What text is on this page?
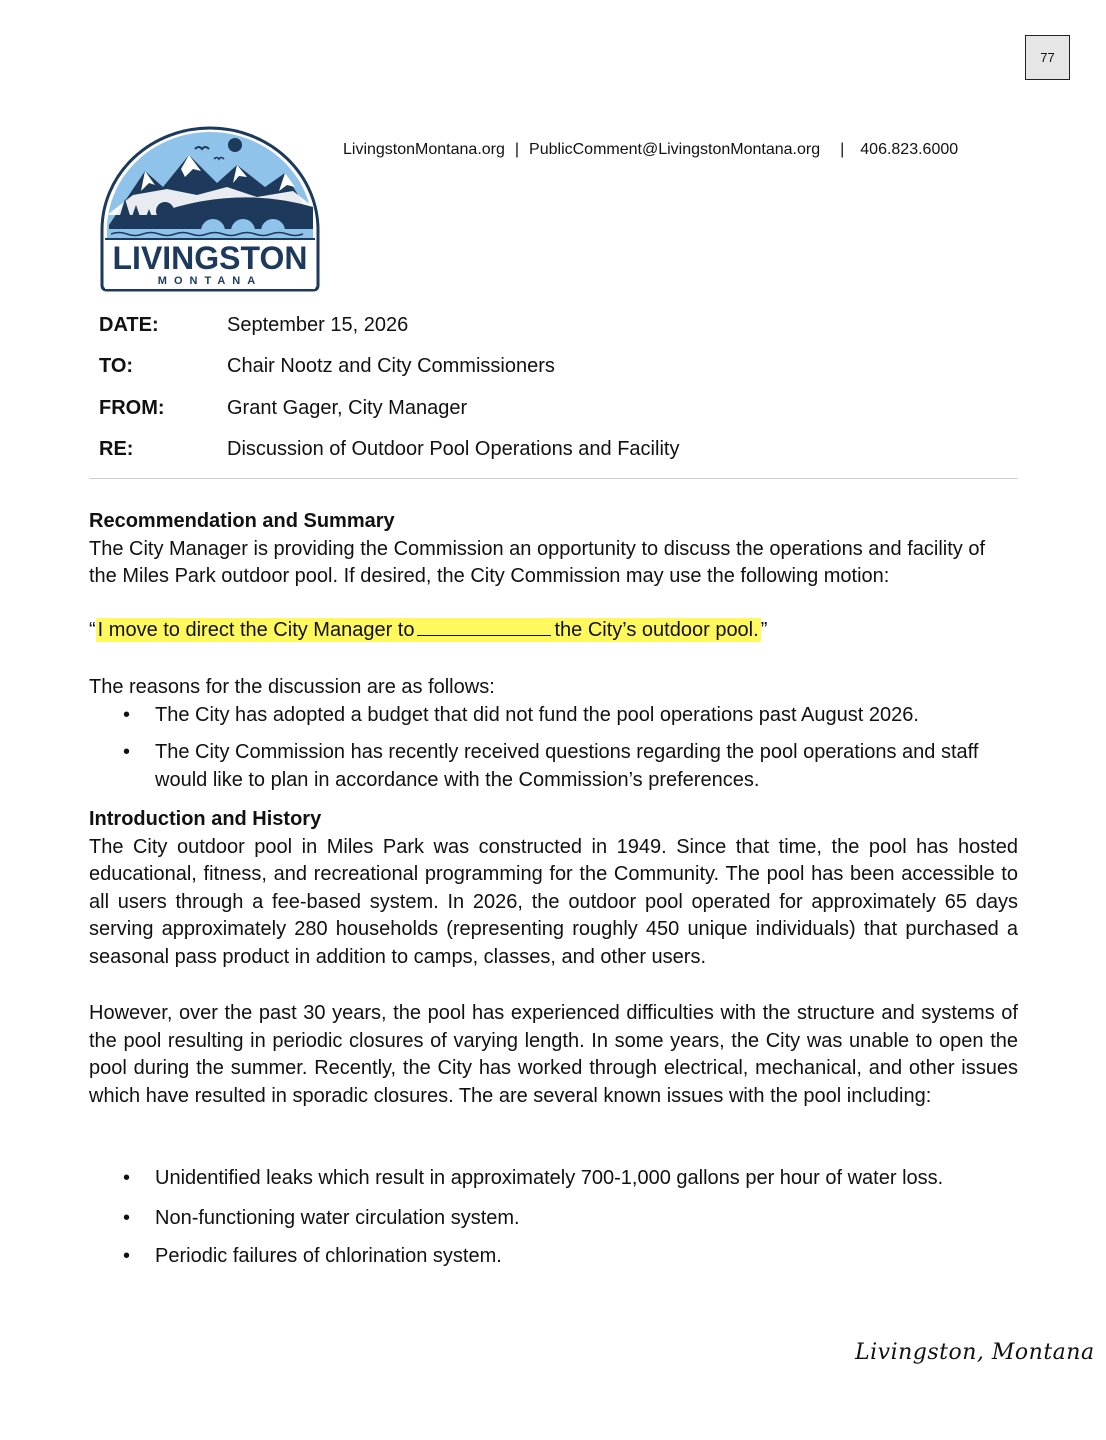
77
LIVINGSTON
MONTANA
LivingstonMontana.org | PublicComment@LivingstonMontana.org | 406.823.6000
DATE:	September 15, 2026
TO:	Chair Nootz and City Commissioners
FROM:	Grant Gager, City Manager
RE:	Discussion of Outdoor Pool Operations and Facility
Recommendation and Summary
The City Manager is providing the Commission an opportunity to discuss the operations and facility of the Miles Park outdoor pool. If desired, the City Commission may use the following motion:
“ I move to direct the City Manager to	the City’s outdoor pool. ”
The reasons for the discussion are as follows:
• The City has adopted a budget that did not fund the pool operations past August 2026.
• The City Commission has recently received questions regarding the pool operations and staff would like to plan in accordance with the Commission’s preferences.
Introduction and History
The City outdoor pool in Miles Park was constructed in 1949. Since that time, the pool has hosted educational, fitness, and recreational programming for the Community. The pool has been accessible to all users through a fee-based system. In 2026, the outdoor pool operated for approximately 65 days serving approximately 280 households (representing roughly 450 unique individuals) that purchased a seasonal pass product in addition to camps, classes, and other users.
However, over the past 30 years, the pool has experienced difficulties with the structure and systems of the pool resulting in periodic closures of varying length. In some years, the City was unable to open the pool during the summer. Recently, the City has worked through electrical, mechanical, and other issues which have resulted in sporadic closures. The are several known issues with the pool including:
• Unidentified leaks which result in approximately 700-1,000 gallons per hour of water loss.
• Non-functioning water circulation system.
• Periodic failures of chlorination system.
Livingston, Montana
